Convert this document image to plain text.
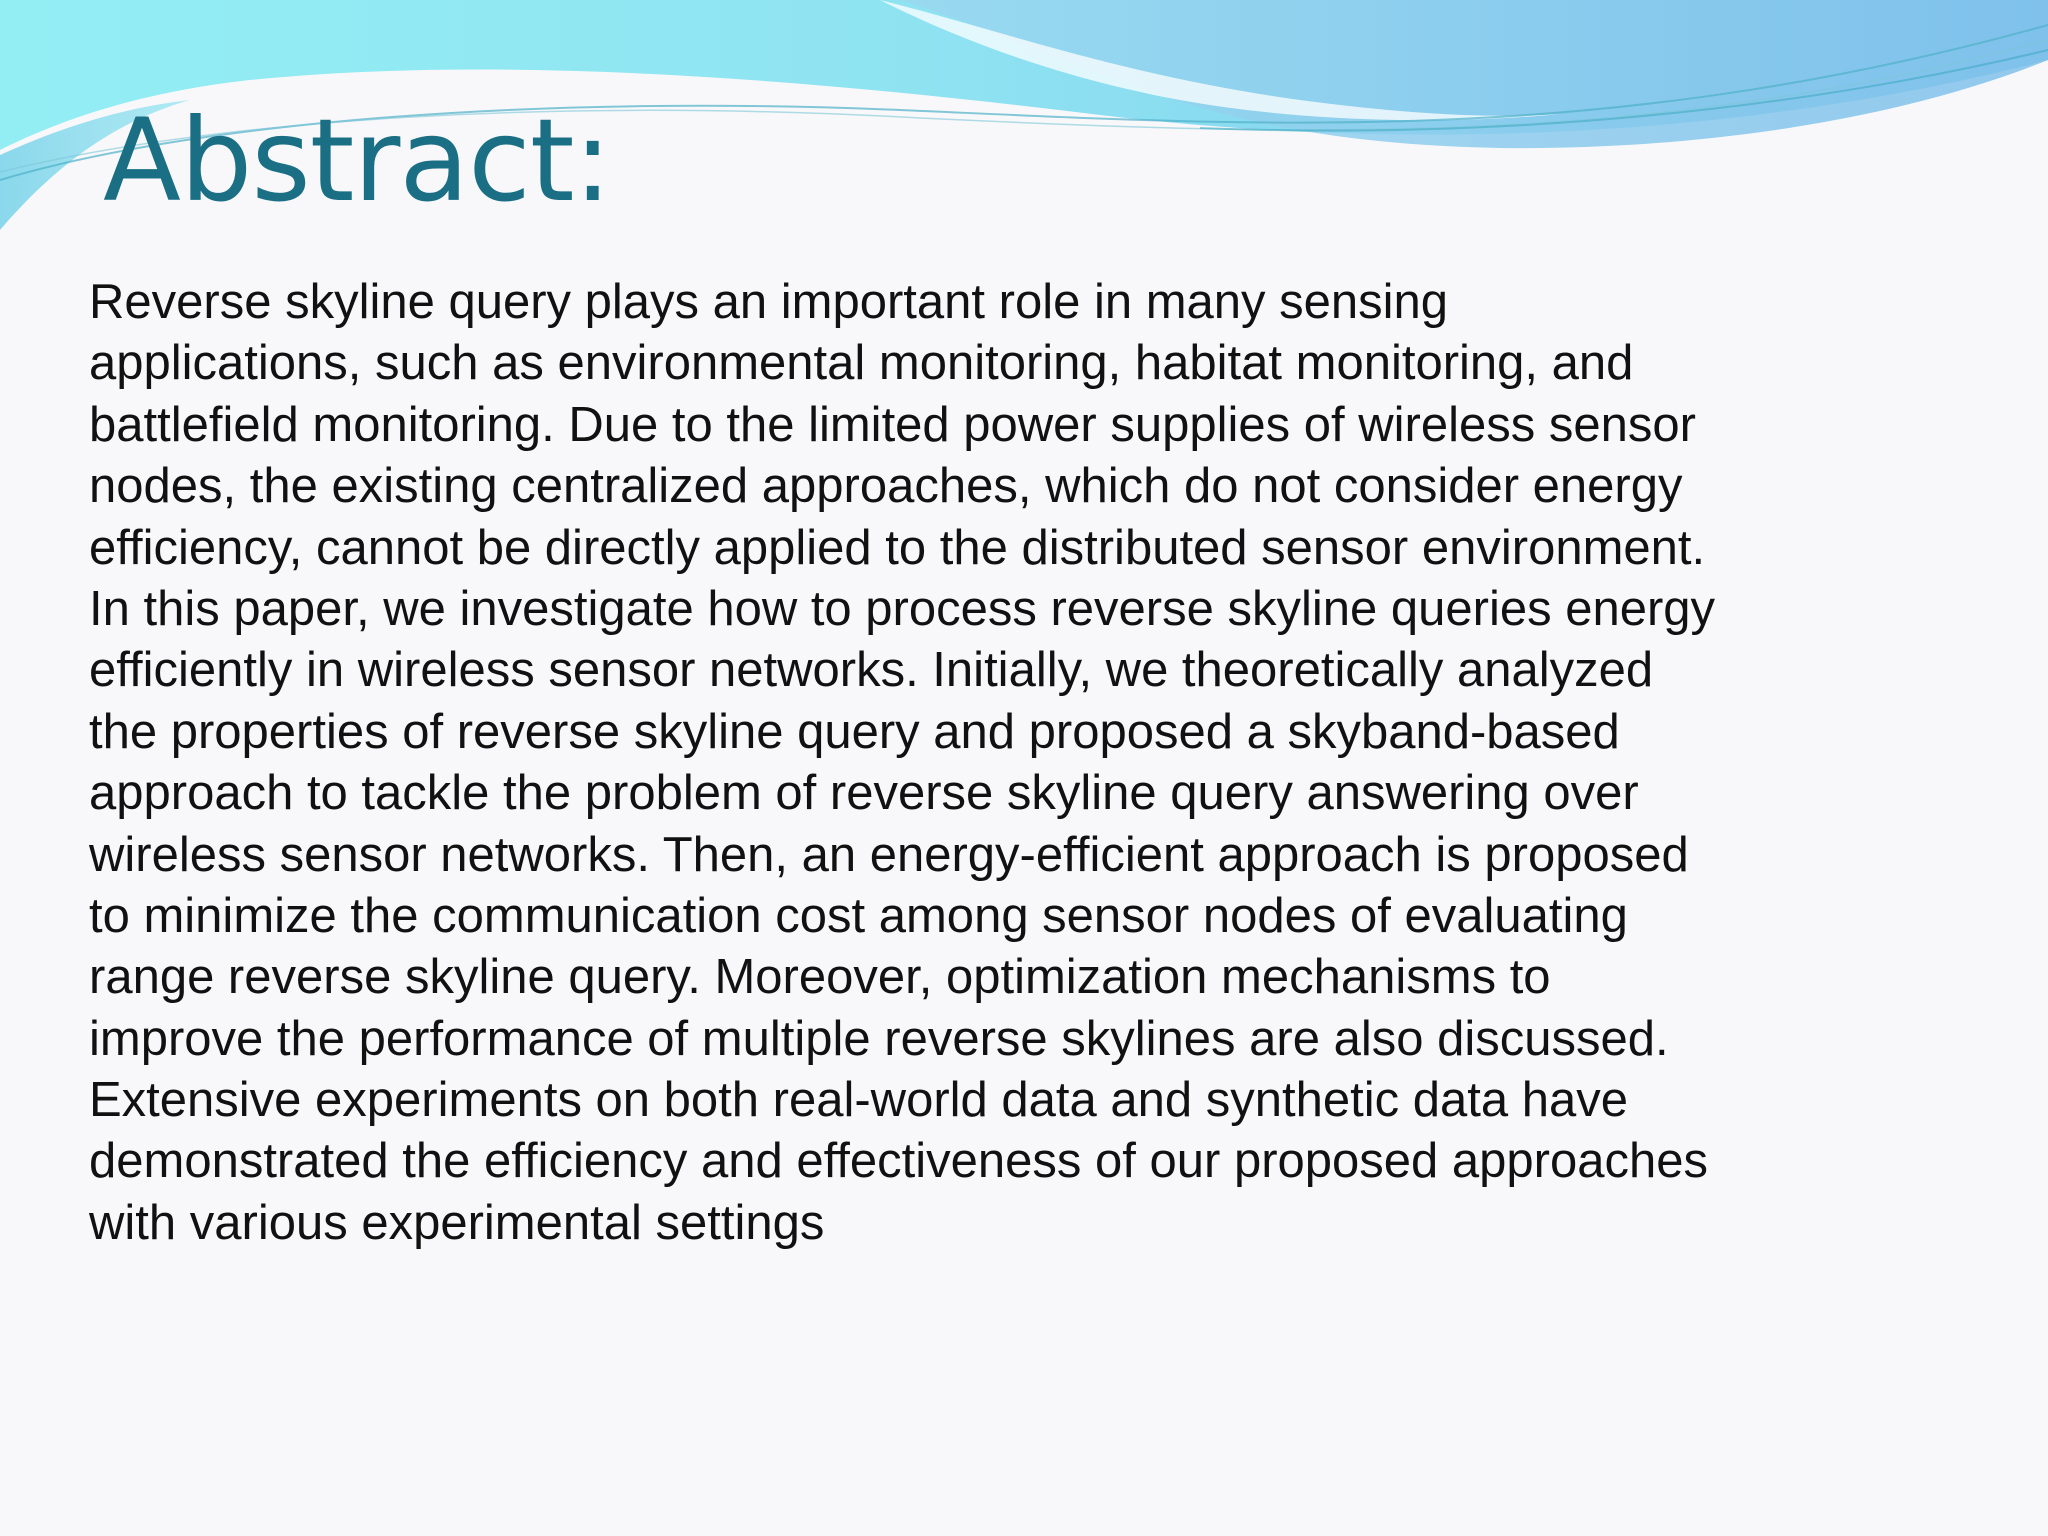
Abstract:
Reverse skyline query plays an important role in many sensing
applications, such as environmental monitoring, habitat monitoring, and
battlefield monitoring. Due to the limited power supplies of wireless sensor
nodes, the existing centralized approaches, which do not consider energy
efficiency, cannot be directly applied to the distributed sensor environment.
In this paper, we investigate how to process reverse skyline queries energy
efficiently in wireless sensor networks. Initially, we theoretically analyzed
the properties of reverse skyline query and proposed a skyband-based
approach to tackle the problem of reverse skyline query answering over
wireless sensor networks. Then, an energy-efficient approach is proposed
to minimize the communication cost among sensor nodes of evaluating
range reverse skyline query. Moreover, optimization mechanisms to
improve the performance of multiple reverse skylines are also discussed.
Extensive experiments on both real-world data and synthetic data have
demonstrated the efficiency and effectiveness of our proposed approaches
with various experimental settings
